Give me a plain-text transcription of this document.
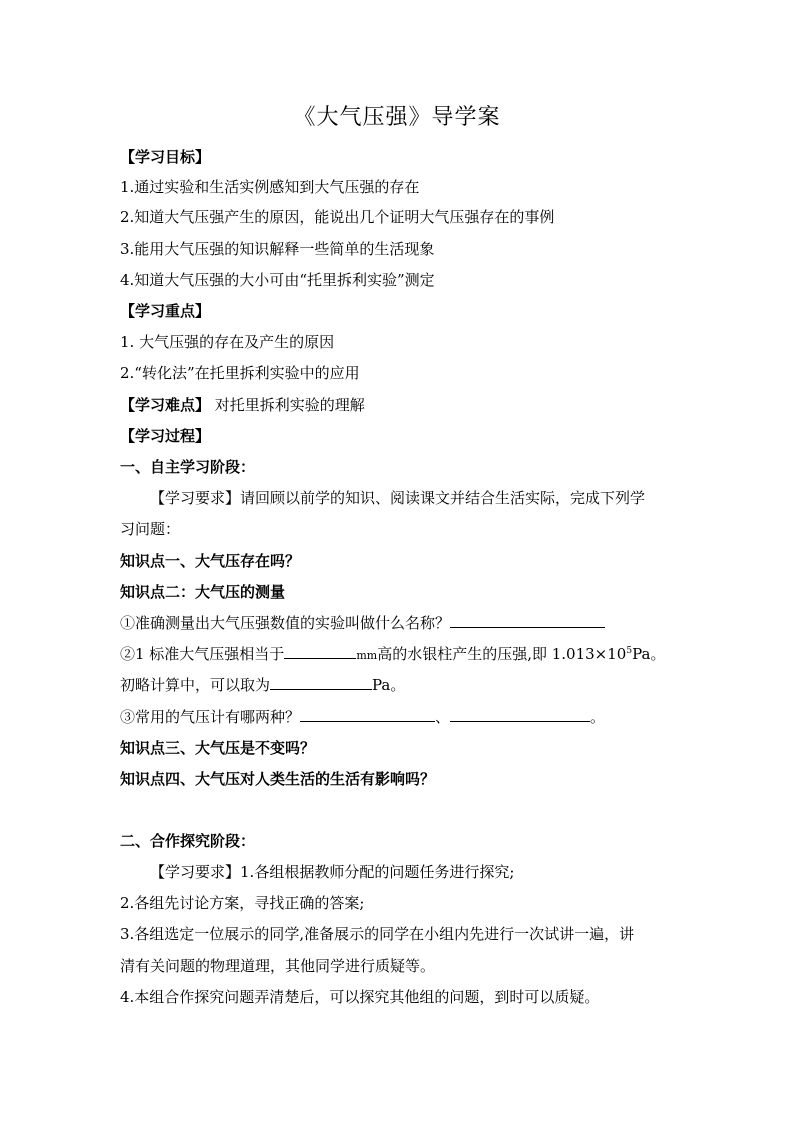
《大气压强》导学案
【学习目标】
1.通过实验和生活实例感知到大气压强的存在
2.知道大气压强产生的原因，能说出几个证明大气压强存在的事例
3.能用大气压强的知识解释一些简单的生活现象
4.知道大气压强的大小可由“托里拆利实验”测定
【学习重点】
1. 大气压强的存在及产生的原因
2.“转化法”在托里拆利实验中的应用
【学习难点】 对托里拆利实验的理解
【学习过程】
一、自主学习阶段：
【学习要求】请回顾以前学的知识、阅读课文并结合生活实际，完成下列学
习问题：
知识点一、大气压存在吗？
知识点二：大气压的测量
①准确测量出大气压强数值的实验叫做什么名称？
②1 标准大气压强相当于	mm高的水银柱产生的压强,即 $1.013\times 10^5Pa$。
初略计算中，可以取为	Pa。
③常用的气压计有哪两种？	、	。
知识点三、大气压是不变吗？
知识点四、大气压对人类生活的生活有影响吗？
二、合作探究阶段：
【学习要求】1.各组根据教师分配的问题任务进行探究;
2.各组先讨论方案，寻找正确的答案;
3.各组选定一位展示的同学,准备展示的同学在小组内先进行一次试讲一遍，讲
清有关问题的物理道理，其他同学进行质疑等。
4.本组合作探究问题弄清楚后，可以探究其他组的问题，到时可以质疑。
